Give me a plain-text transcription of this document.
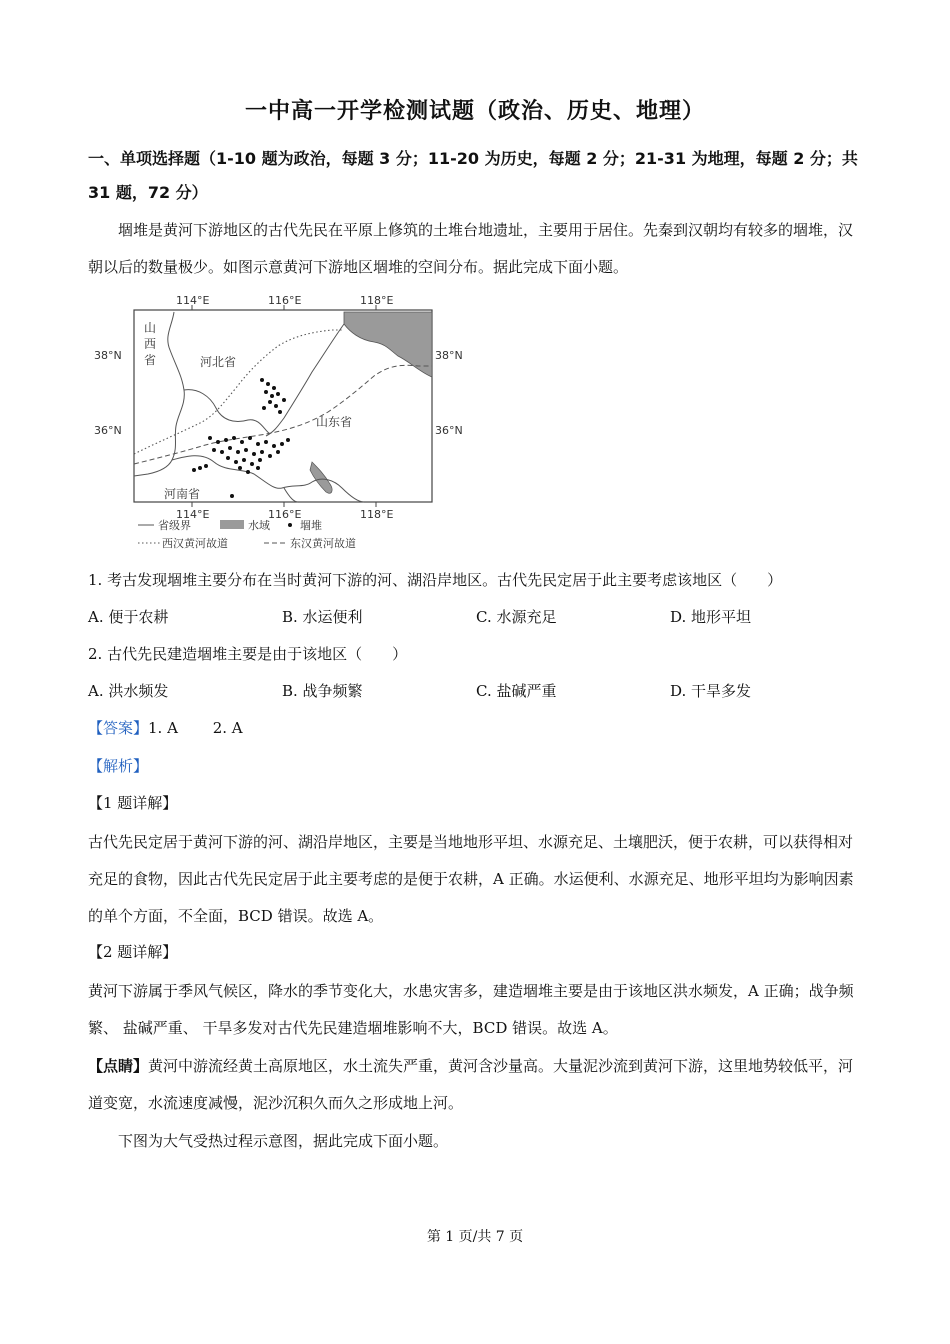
一中高一开学检测试题（政治、历史、地理）
一、单项选择题（1-10 题为政治，每题 3 分；11-20 为历史，每题 2 分；21-31 为地理，每题 2 分；共 31 题，72 分）
堌堆是黄河下游地区的古代先民在平原上修筑的土堆台地遗址，主要用于居住。先秦到汉朝均有较多的堌堆，汉朝以后的数量极少。如图示意黄河下游地区堌堆的空间分布。据此完成下面小题。
114°E	116°E	118°E
114°E	116°E	118°E
38°N
36°N
38°N
36°N
山
西
省	河北省
山东省
河南省
省级界	水域	堌堆
西汉黄河故道	东汉黄河故道
1. 考古发现堌堆主要分布在当时黄河下游的河、湖沿岸地区。古代先民定居于此主要考虑该地区（　　）
A. 便于农耕	B. 水运便利	C. 水源充足	D. 地形平坦
2. 古代先民建造堌堆主要是由于该地区（　　）
A. 洪水频发	B. 战争频繁	C. 盐碱严重	D. 干旱多发
【答案】1. A　　 2. A
【解析】
【1 题详解】
古代先民定居于黄河下游的河、湖沿岸地区，主要是当地地形平坦、水源充足、土壤肥沃，便于农耕，可以获得相对充足的食物，因此古代先民定居于此主要考虑的是便于农耕，A 正确。水运便利、水源充足、地形平坦均为影响因素的单个方面，不全面，BCD 错误。故选 A。
【2 题详解】
黄河下游属于季风气候区，降水的季节变化大，水患灾害多，建造堌堆主要是由于该地区洪水频发，A 正确；战争频繁、 盐碱严重、 干旱多发对古代先民建造堌堆影响不大，BCD 错误。故选 A。
【点睛】黄河中游流经黄土高原地区，水土流失严重，黄河含沙量高。大量泥沙流到黄河下游，这里地势较低平，河道变宽，水流速度减慢，泥沙沉积久而久之形成地上河。
下图为大气受热过程示意图，据此完成下面小题。
第 1 页/共 7 页
